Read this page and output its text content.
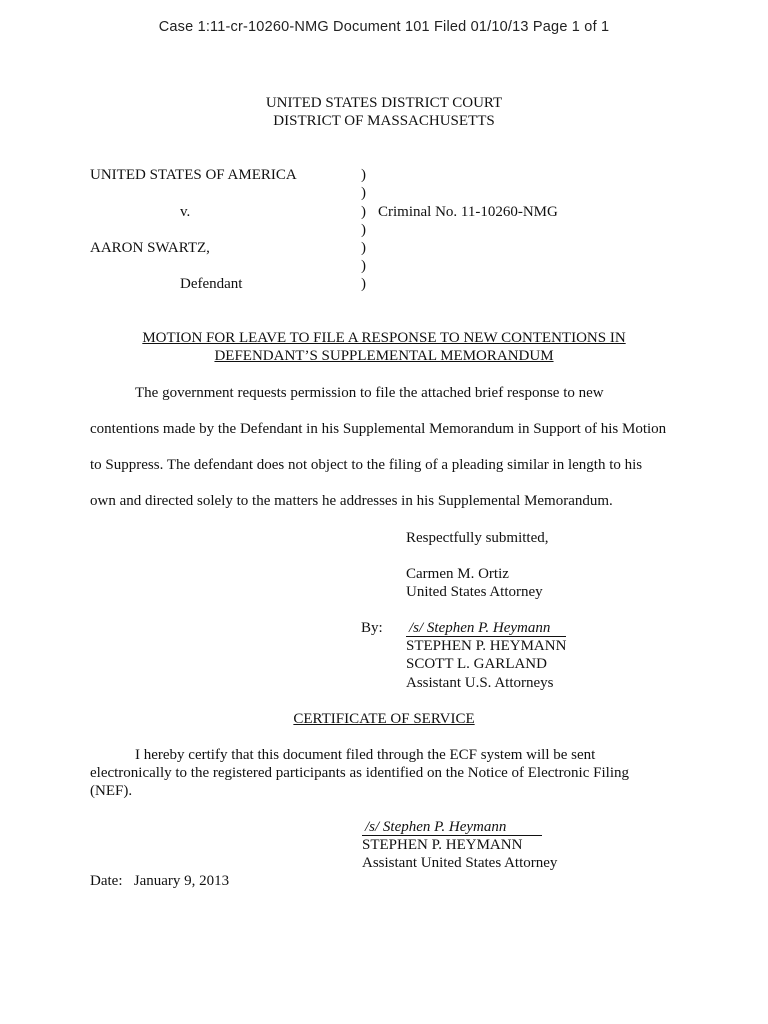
Case 1:11-cr-10260-NMG Document 101 Filed 01/10/13 Page 1 of 1
UNITED STATES DISTRICT COURT
DISTRICT OF MASSACHUSETTS
UNITED STATES OF AMERICA
v.
AARON SWARTZ,
Defendant
)
)
)
)
)
)
)
Criminal No. 11-10260-NMG
MOTION FOR LEAVE TO FILE A RESPONSE TO NEW CONTENTIONS IN
DEFENDANT’S SUPPLEMENTAL MEMORANDUM
The government requests permission to file the attached brief response to new
contentions made by the Defendant in his Supplemental Memorandum in Support of his Motion
to Suppress. The defendant does not object to the filing of a pleading similar in length to his
own and directed solely to the matters he addresses in his Supplemental Memorandum.
Respectfully submitted,
Carmen M. Ortiz
United States Attorney
By: /s/ Stephen P. Heymann
STEPHEN P. HEYMANN
SCOTT L. GARLAND
Assistant U.S. Attorneys
CERTIFICATE OF SERVICE
I hereby certify that this document filed through the ECF system will be sent
electronically to the registered participants as identified on the Notice of Electronic Filing
(NEF).
/s/ Stephen P. Heymann
STEPHEN P. HEYMANN
Assistant United States Attorney
Date:   January 9, 2013
